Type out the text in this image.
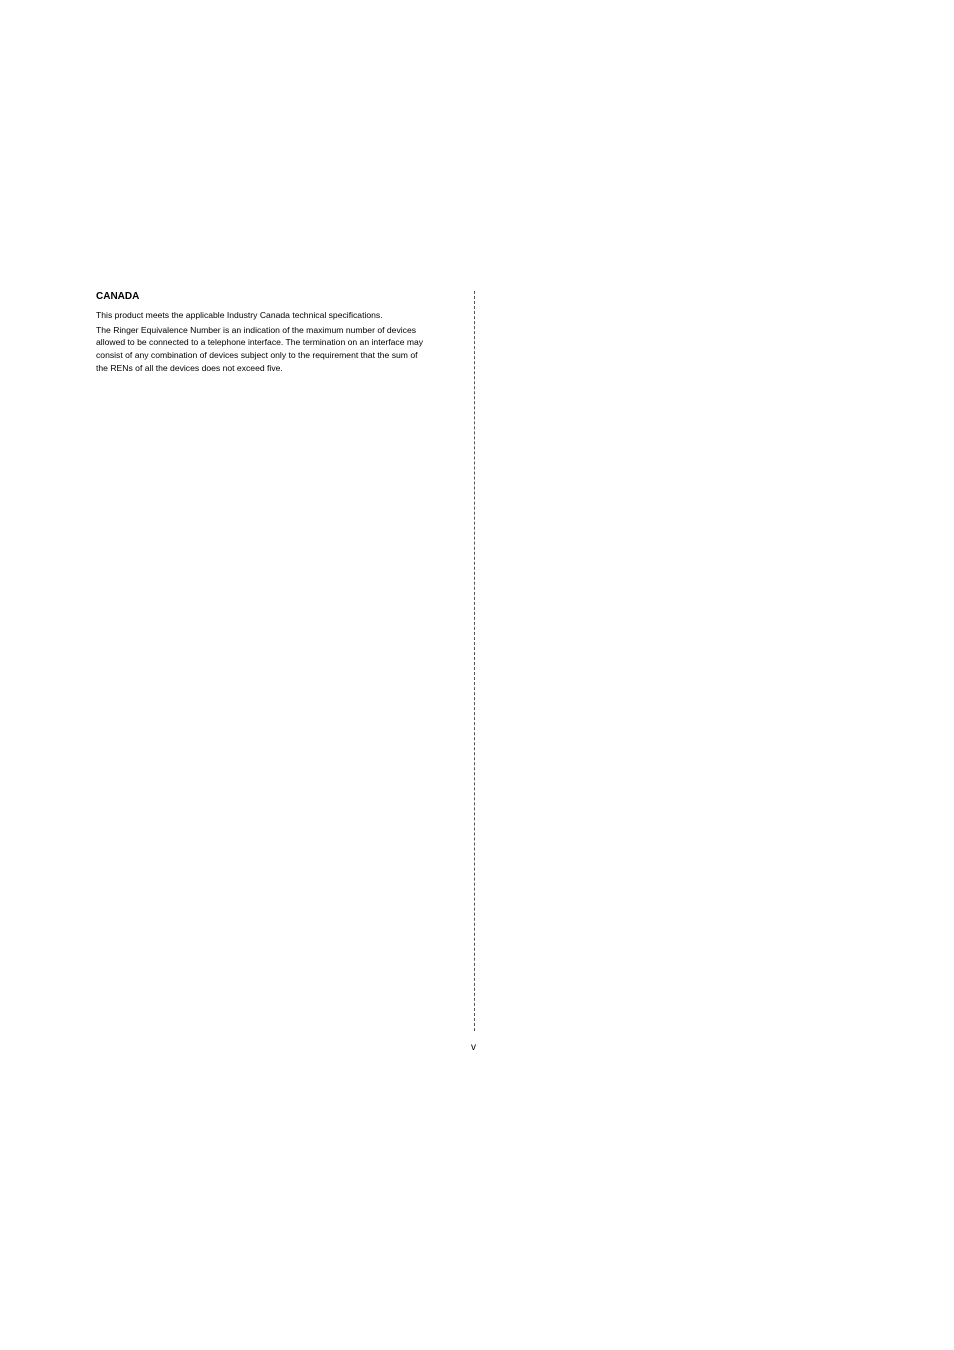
CANADA
This product meets the applicable Industry Canada technical specifications.
The Ringer Equivalence Number is an indication of the maximum number of devices
allowed to be connected to a telephone interface. The termination on an interface may
consist of any combination of devices subject only to the requirement that the sum of
the RENs of all the devices does not exceed five.
v
